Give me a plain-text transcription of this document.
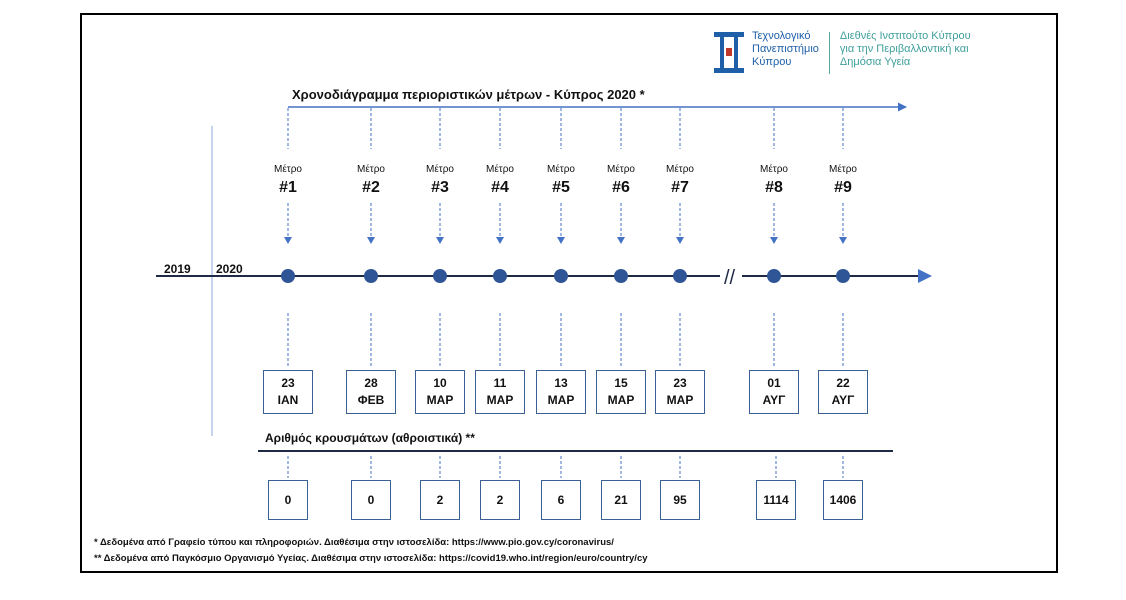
//
Τεχνολογικό
Πανεπιστήμιο
Κύπρου
Διεθνές Ινστιτούτο Κύπρου
για την Περιβαλλοντική και
Δημόσια Υγεία
Χρονοδιάγραμμα περιοριστικών μέτρων - Κύπρος 2020 *
2019 2020
Αριθμός κρουσμάτων (αθροιστικά) **
Μέτρο
#1
23
ΙΑΝ
0
Μέτρο
#2
28
ΦΕΒ
0
Μέτρο
#3
10
ΜΑΡ
2
Μέτρο
#4
11
ΜΑΡ
2
Μέτρο
#5
13
ΜΑΡ
6
Μέτρο
#6
15
ΜΑΡ
21
Μέτρο
#7
23
ΜΑΡ
95
Μέτρο
#8
01
ΑΥΓ
1114
Μέτρο
#9
22
ΑΥΓ
1406
* Δεδομένα από Γραφείο τύπου και πληροφοριών. Διαθέσιμα στην ιστοσελίδα: https://www.pio.gov.cy/coronavirus/
** Δεδομένα από Παγκόσμιο Οργανισμό Υγείας. Διαθέσιμα στην ιστοσελίδα: https://covid19.who.int/region/euro/country/cy
